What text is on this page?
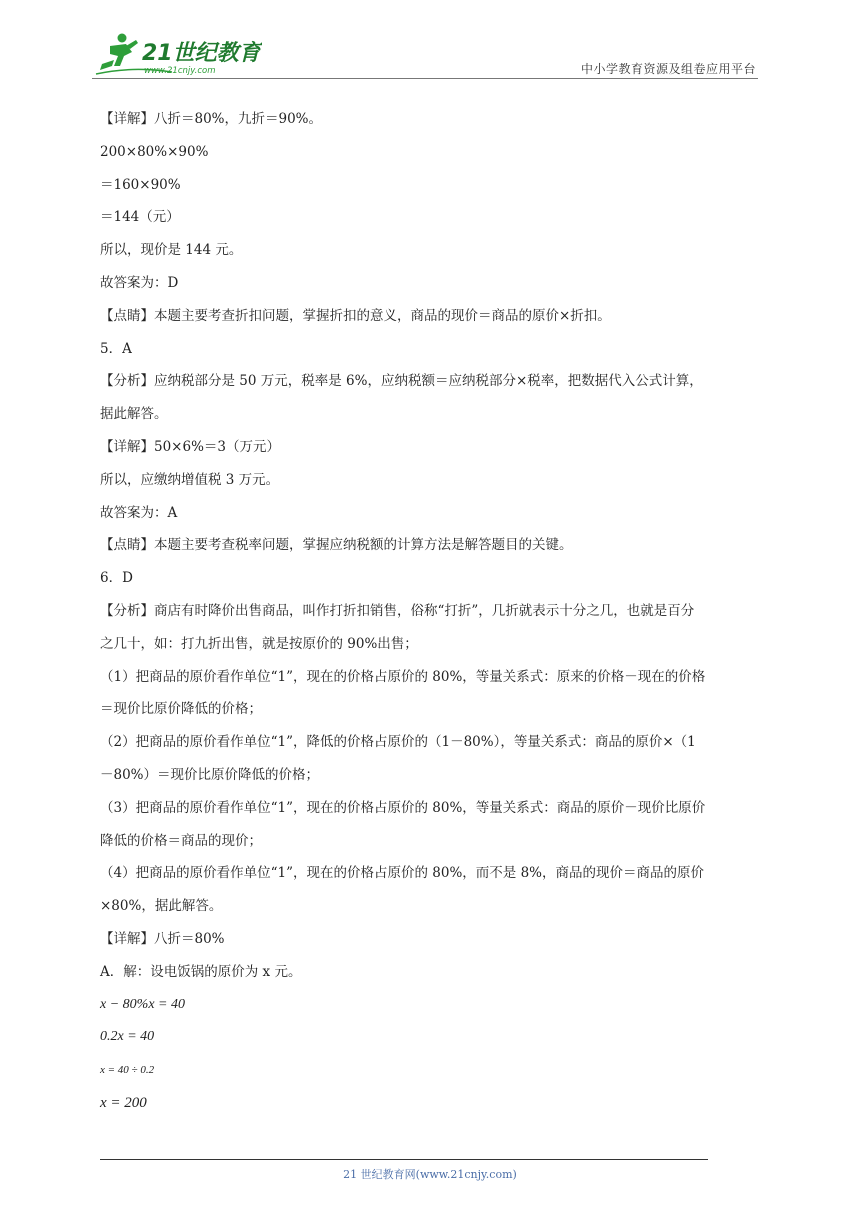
21世纪教育
www.21cnjy.com	中小学教育资源及组卷应用平台
【详解】八折＝80%，九折＝90%。
200×80%×90%
＝160×90%
＝144（元）
所以，现价是 144 元。
故答案为：D
【点睛】本题主要考查折扣问题，掌握折扣的意义，商品的现价＝商品的原价×折扣。
5．A
【分析】应纳税部分是 50 万元，税率是 6%，应纳税额＝应纳税部分×税率，把数据代入公式计算，
据此解答。
【详解】50×6%＝3（万元）
所以，应缴纳增值税 3 万元。
故答案为：A
【点睛】本题主要考查税率问题，掌握应纳税额的计算方法是解答题目的关键。
6．D
【分析】商店有时降价出售商品，叫作打折扣销售，俗称“打折”，几折就表示十分之几，也就是百分
之几十，如：打九折出售，就是按原价的 90%出售；
（1）把商品的原价看作单位“1”，现在的价格占原价的 80%，等量关系式：原来的价格－现在的价格
＝现价比原价降低的价格；
（2）把商品的原价看作单位“1”，降低的价格占原价的（1－80%），等量关系式：商品的原价×（1
－80%）＝现价比原价降低的价格；
（3）把商品的原价看作单位“1”，现在的价格占原价的 80%，等量关系式：商品的原价－现价比原价
降低的价格＝商品的现价；
（4）把商品的原价看作单位“1”，现在的价格占原价的 80%，而不是 8%，商品的现价＝商品的原价
×80%，据此解答。
【详解】八折＝80%
A．解：设电饭锅的原价为 x 元。
x − 80%x = 40
0.2x = 40
x = 40 ÷ 0.2
x = 200
21 世纪教育网(www.21cnjy.com)
